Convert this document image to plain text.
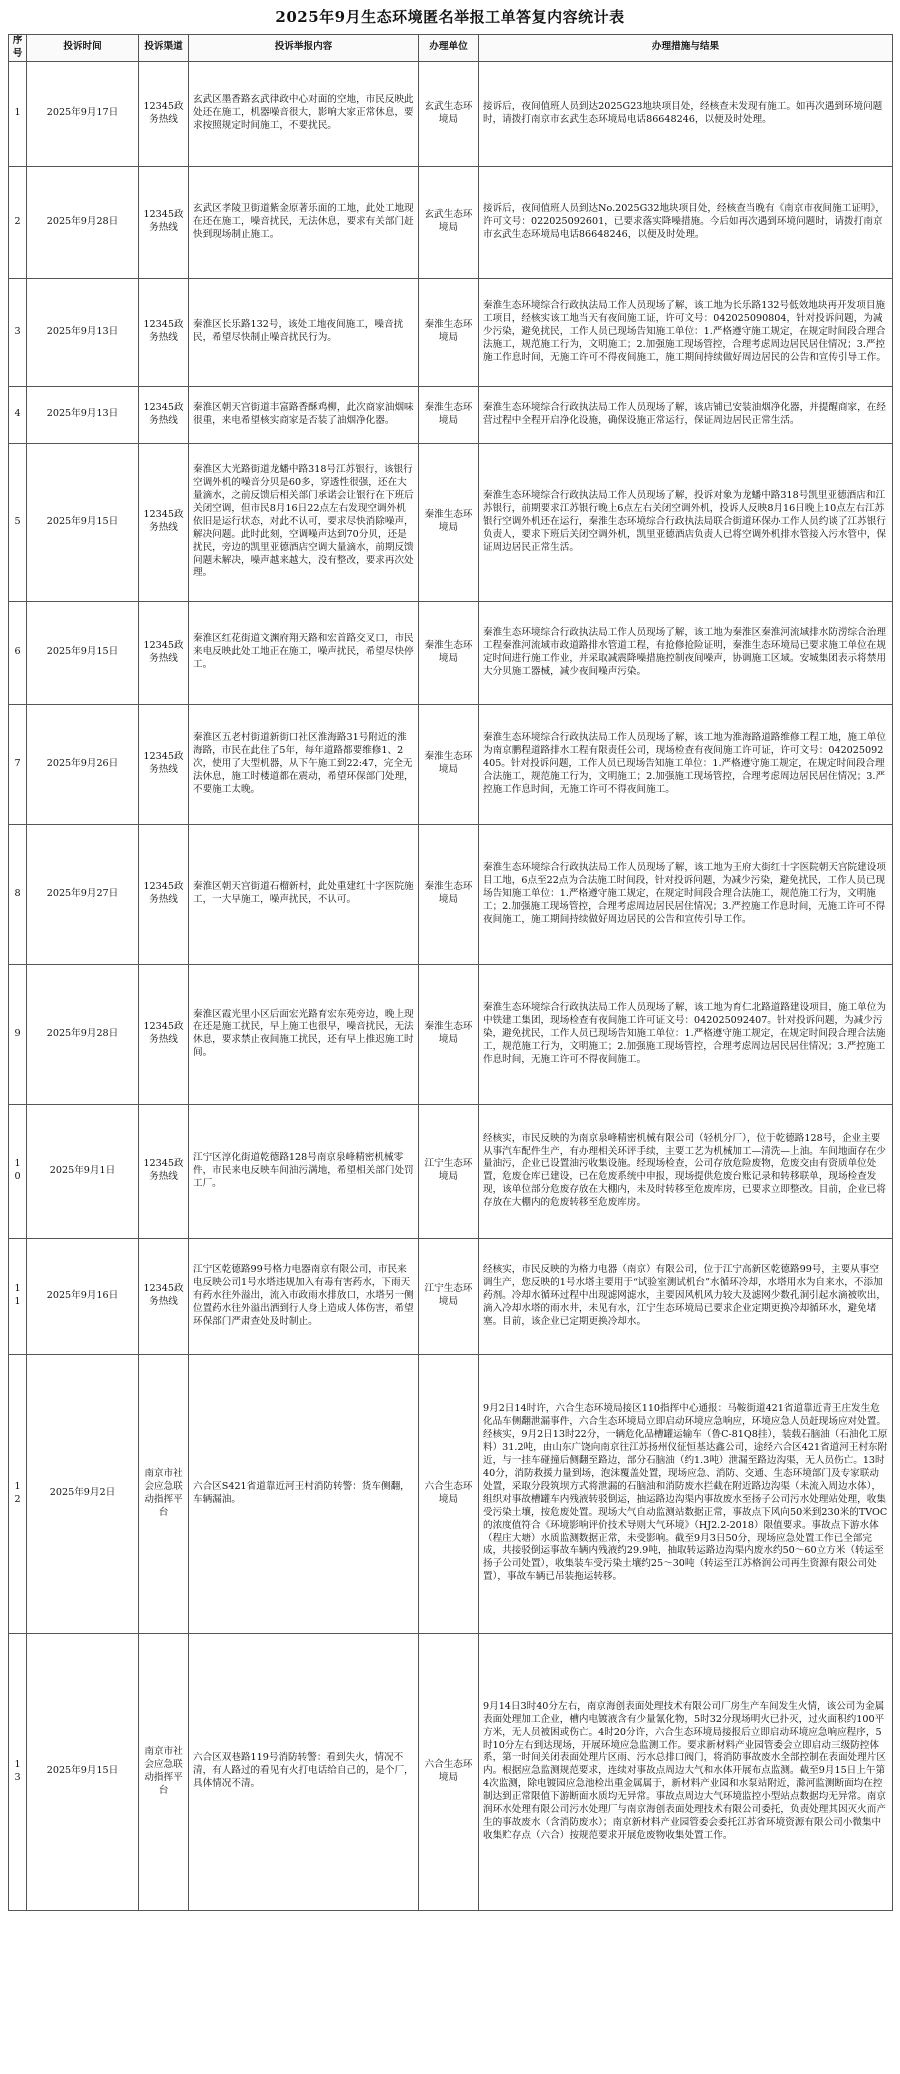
2025年9月生态环境匿名举报工单答复内容统计表
序号	投诉时间	投诉渠道	投诉举报内容	办理单位	办理措施与结果
1	2025年9月17日	12345政务热线	玄武区墨香路玄武律政中心对面的空地，市民反映此处还在施工，机器噪音很大，影响大家正常休息，要求按照规定时间施工，不要扰民。	玄武生态环境局	接诉后，夜间值班人员到达2025G23地块项目处，经核查未发现有施工。如再次遇到环境问题时，请拨打南京市玄武生态环境局电话86648246，以便及时处理。
2	2025年9月28日	12345政务热线	玄武区孝陵卫街道紫金原著乐面的工地，此处工地现在还在施工，噪音扰民，无法休息，要求有关部门赶快到现场制止施工。	玄武生态环境局	接诉后，夜间值班人员到达No.2025G32地块项目处，经核查当晚有《南京市夜间施工证明》，许可文号：022025092601，已要求落实降噪措施。今后如再次遇到环境问题时，请拨打南京市玄武生态环境局电话86648246，以便及时处理。
3	2025年9月13日	12345政务热线	秦淮区长乐路132号，该处工地夜间施工，噪音扰民，希望尽快制止噪音扰民行为。	秦淮生态环境局	秦淮生态环境综合行政执法局工作人员现场了解，该工地为长乐路132号低效地块再开发项目施工项目，经核实该工地当天有夜间施工证，许可文号：042025090804，针对投诉问题，为减少污染，避免扰民，工作人员已现场告知施工单位：1.严格遵守施工规定，在规定时间段合理合法施工，规范施工行为，文明施工；2.加强施工现场管控，合理考虑周边居民居住情况；3.严控施工作息时间，无施工许可不得夜间施工，施工期间持续做好周边居民的公告和宣传引导工作。
4	2025年9月13日	12345政务热线	秦淮区朝天宫街道丰富路香酥鸡柳，此次商家油烟味很重，来电希望核实商家是否装了油烟净化器。	秦淮生态环境局	秦淮生态环境综合行政执法局工作人员现场了解，该店铺已安装油烟净化器，并提醒商家，在经营过程中全程开启净化设施，确保设施正常运行，保证周边居民正常生活。
5	2025年9月15日	12345政务热线	秦淮区大光路街道龙蟠中路318号江苏银行，该银行空调外机的噪音分贝是60多，穿透性很强，还在大量滴水，之前反馈后相关部门承诺会让银行在下班后关闭空调，但市民8月16日22点左右发现空调外机依旧是运行状态，对此不认可，要求尽快消除噪声，解决问题。此时此刻，空调噪声达到70分贝，还是扰民，旁边的凯里亚德酒店空调大量滴水，前期反馈问题未解决，噪声越来越大，没有整改，要求再次处理。	秦淮生态环境局	秦淮生态环境综合行政执法局工作人员现场了解，投诉对象为龙蟠中路318号凯里亚德酒店和江苏银行，前期要求江苏银行晚上6点左右关闭空调外机，投诉人反映8月16日晚上10点左右江苏银行空调外机还在运行，秦淮生态环境综合行政执法局联合街道环保办工作人员约谈了江苏银行负责人，要求下班后关闭空调外机，凯里亚德酒店负责人已将空调外机排水管接入污水管中，保证周边居民正常生活。
6	2025年9月15日	12345政务热线	秦淮区红花街道文渊府翔天路和宏首路交叉口，市民来电反映此处工地正在施工，噪声扰民，希望尽快停工。	秦淮生态环境局	秦淮生态环境综合行政执法局工作人员现场了解，该工地为秦淮区秦淮河流域排水防涝综合治理工程秦淮河流域市政道路排水管道工程，有抢修抢险证明，秦淮生态环境局已要求施工单位在规定时间进行施工作业，并采取减震降噪措施控制夜间噪声，协调施工区域。安城集团表示将禁用大分贝施工器械，减少夜间噪声污染。
7	2025年9月26日	12345政务热线	秦淮区五老村街道新街口社区淮海路31号附近的淮海路，市民在此住了5年，每年道路都要维修1、2次，使用了大型机器，从下午施工到22:47，完全无法休息，施工时楼道都在震动，希望环保部门处理，不要施工太晚。	秦淮生态环境局	秦淮生态环境综合行政执法局工作人员现场了解，该工地为淮海路道路维修工程工地，施工单位为南京鹏程道路排水工程有限责任公司，现场检查有夜间施工许可证，许可文号：042025092405。针对投诉问题，工作人员已现场告知施工单位：1.严格遵守施工规定，在规定时间段合理合法施工，规范施工行为，文明施工；2.加强施工现场管控，合理考虑周边居民居住情况；3.严控施工作息时间，无施工许可不得夜间施工。
8	2025年9月27日	12345政务热线	秦淮区朝天宫街道石榴新村，此处重建红十字医院施工，一大早施工，噪声扰民，不认可。	秦淮生态环境局	秦淮生态环境综合行政执法局工作人员现场了解，该工地为王府大街红十字医院朝天宫院建设项目工地，6点至22点为合法施工时间段，针对投诉问题，为减少污染，避免扰民，工作人员已现场告知施工单位：1.严格遵守施工规定，在规定时间段合理合法施工，规范施工行为，文明施工；2.加强施工现场管控，合理考虑周边居民居住情况；3.严控施工作息时间，无施工许可不得夜间施工，施工期间持续做好周边居民的公告和宣传引导工作。
9	2025年9月28日	12345政务热线	秦淮区霞光里小区后面宏光路育宏东苑旁边，晚上现在还是施工扰民，早上施工也很早，噪音扰民，无法休息，要求禁止夜间施工扰民，还有早上推迟施工时间。	秦淮生态环境局	秦淮生态环境综合行政执法局工作人员现场了解，该工地为育仁北路道路建设项目，施工单位为中铁建工集团，现场检查有夜间施工许可证文号：042025092407。针对投诉问题，为减少污染，避免扰民，工作人员已现场告知施工单位：1.严格遵守施工规定，在规定时间段合理合法施工，规范施工行为，文明施工；2.加强施工现场管控，合理考虑周边居民居住情况；3.严控施工作息时间，无施工许可不得夜间施工。
10	2025年9月1日	12345政务热线	江宁区淳化街道乾德路128号南京泉峰精密机械零件，市民来电反映车间油污满地，希望相关部门处罚工厂。	江宁生态环境局	经核实，市民反映的为南京泉峰精密机械有限公司（轻机分厂），位于乾德路128号，企业主要从事汽车配件生产，有办理相关环评手续，主要工艺为机械加工—清洗—上油。车间地面存在少量油污，企业已设置油污收集设施。经现场检查，公司存放危险废物，危废交由有资质单位处置，危废仓库已建设，已在危废系统中申报，现场提供危废台账记录和转移联单，现场检查发现，该单位部分危废存放在大棚内，未及时转移至危废库房，已要求立即整改。目前，企业已将存放在大棚内的危废转移至危废库房。
11	2025年9月16日	12345政务热线	江宁区乾德路99号格力电器南京有限公司，市民来电反映公司1号水塔违规加入有毒有害药水，下雨天有药水往外溢出，流入市政雨水排放口，水塔另一侧位置药水往外溢出洒到行人身上造成人体伤害，希望环保部门严肃查处及时制止。	江宁生态环境局	经核实，市民反映的为格力电器（南京）有限公司，位于江宁高新区乾德路99号，主要从事空调生产，您反映的1号水塔主要用于“试验室测试机台”水循环冷却，水塔用水为自来水，不添加药剂。冷却水循环过程中出现滤网滤水，主要因风机风力较大及滤网少数孔洞引起水滴被吹出，滴入冷却水塔的雨水井，未见有水，江宁生态环境局已要求企业定期更换冷却循环水，避免堵塞。目前，该企业已定期更换冷却水。
12	2025年9月2日	南京市社会应急联动指挥平台	六合区S421省道靠近河王村消防转警：货车侧翻，车辆漏油。	六合生态环境局	9月2日14时许，六合生态环境局接区110指挥中心通报：马鞍街道421省道靠近青王庄发生危化品车侧翻泄漏事件，六合生态环境局立即启动环境应急响应，环境应急人员赶现场应对处置。经核实，9月2日13时22分，一辆危化品槽罐运输车（鲁C-81Q8挂），装载石脑油（石油化工原料）31.2吨，由山东广饶向南京往江苏扬州仪征恒基达鑫公司，途经六合区421省道河王村东附近，与一挂车碰撞后侧翻至路边，部分石脑油（约1.3吨）泄漏至路边沟渠，无人员伤亡。13时40分，消防救援力量到场，泡沫覆盖处置，现场应急、消防、交通、生态环境部门及专家联动处置，采取分段筑坝方式将泄漏的石脑油和消防废水拦截在附近路边沟渠（未流入周边水体），组织对事故槽罐车内残液转驳倒运，抽运路边沟渠内事故废水至扬子公司污水处理站处理，收集受污染土壤，按危废处置。现场大气自动监测站数据正常，事故点下风向50米到230米的TVOC的浓度值符合《环境影响评价技术导则大气环境》（HJ2.2-2018）限值要求。事故点下游水体（程庄大塘）水质监测数据正常，未受影响。截至9月3日50分，现场应急处置工作已全部完成，共接驳倒运事故车辆内残液约29.9吨，抽取转运路边沟渠内废水约50～60立方米（转运至扬子公司处置），收集装车受污染土壤约25～30吨（转运至江苏格润公司再生资源有限公司处置），事故车辆已吊装拖运转移。
13	2025年9月15日	南京市社会应急联动指挥平台	六合区双巷路119号消防转警：看到失火，情况不清，有人路过的看见有火打电话给自己的，是个厂，具体情况不清。	六合生态环境局	9月14日3时40分左右，南京海创表面处理技术有限公司厂房生产车间发生火情，该公司为金属表面处理加工企业，槽内电镀液含有少量氰化物，5时32分现场明火已扑灭，过火面积约100平方米，无人员被困或伤亡。4时20分许，六合生态环境局接报后立即启动环境应急响应程序，5时10分左右到达现场，开展环境应急监测工作。要求新材料产业园管委会立即启动三级防控体系，第一时间关闭表面处理片区雨、污水总排口阀门，将消防事故废水全部控制在表面处理片区内。根据应急监测规范要求，连续对事故点周边大气和水体开展布点监测。截至9月15日上午第4次监测，除电镀园应急池检出重金属属于，新材料产业园和水泵站附近，滁河监测断面均在控制达到正常限值下游断面水质均无异常。事故点周边大气环境监控小型站点数据均无异常。南京润环水处理有限公司污水处理厂与南京海创表面处理技术有限公司委托，负责处理其因灭火而产生的事故废水（含消防废水）；南京新材料产业园管委会委托江苏省环境资源有限公司小微集中收集贮存点（六合）按规范要求开展危废物收集处置工作。
